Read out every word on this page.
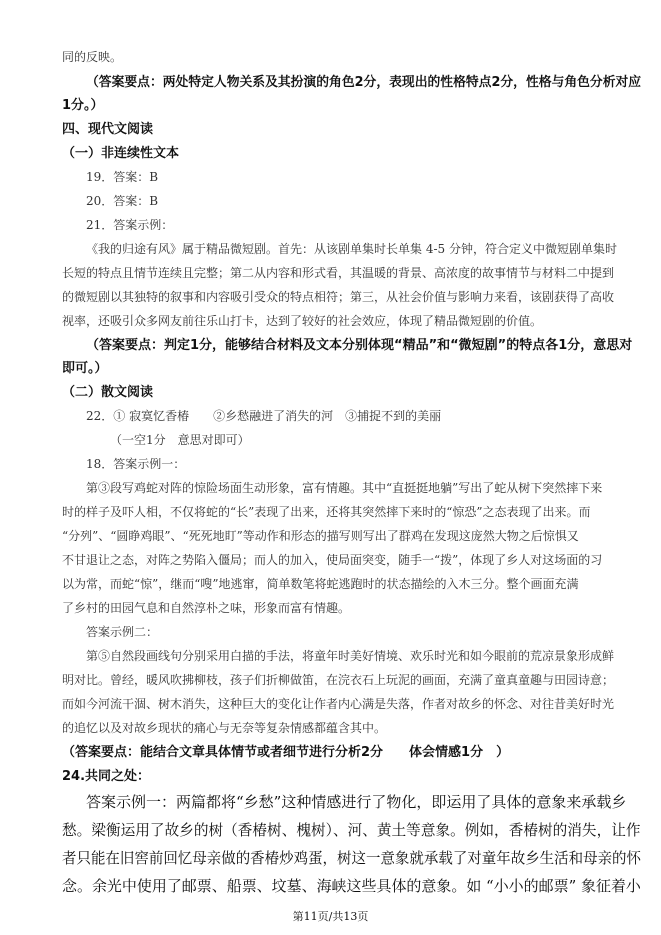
同的反映。
（答案要点：两处特定人物关系及其扮演的角色2分，表现出的性格特点2分，性格与角色分析对应
1分。）
四、现代文阅读
（一）非连续性文本
19．答案：B
20．答案：B
21．答案示例：
《我的归途有风》属于精品微短剧。首先：从该剧单集时长单集 4-5 分钟，符合定义中微短剧单集时
长短的特点且情节连续且完整；第二从内容和形式看，其温暖的背景、高浓度的故事情节与材料二中提到
的微短剧以其独特的叙事和内容吸引受众的特点相符；第三，从社会价值与影响力来看，该剧获得了高收
视率，还吸引众多网友前往乐山打卡，达到了较好的社会效应，体现了精品微短剧的价值。
（答案要点：判定1分，能够结合材料及文本分别体现“精品”和“微短剧”的特点各1分，意思对
即可。）
（二）散文阅读
22．① 寂寞忆香椿　　②乡愁融进了消失的河　③捕捉不到的美丽
（一空1分　意思对即可）
18．答案示例一：
第③段写鸡蛇对阵的惊险场面生动形象，富有情趣。其中“直挺挺地躺”写出了蛇从树下突然摔下来
时的样子及吓人相，不仅将蛇的“长”表现了出来，还将其突然摔下来时的“惊恐”之态表现了出来。而
“分列”、“圆睁鸡眼”、“死死地盯”等动作和形态的描写则写出了群鸡在发现这庞然大物之后惊惧又
不甘退让之态，对阵之势陷入僵局；而人的加入，使局面突变，随手一“拨”，体现了乡人对这场面的习
以为常，而蛇“惊”，继而“嗖”地逃窜，简单数笔将蛇逃跑时的状态描绘的入木三分。整个画面充满
了乡村的田园气息和自然淳朴之味，形象而富有情趣。
答案示例二：
第⑤自然段画线句分别采用白描的手法，将童年时美好情境、欢乐时光和如今眼前的荒凉景象形成鲜
明对比。曾经，暖风吹拂柳枝，孩子们折柳做笛，在浣衣石上玩泥的画面，充满了童真童趣与田园诗意；
而如今河流干涸、树木消失，这种巨大的变化让作者内心满是失落，作者对故乡的怀念、对往昔美好时光
的追忆以及对故乡现状的痛心与无奈等复杂情感都蕴含其中。
（答案要点：能结合文章具体情节或者细节进行分析2分　　体会情感1分　）
24.共同之处：
答案示例一：两篇都将“乡愁”这种情感进行了物化，即运用了具体的意象来承载乡
愁。梁衡运用了故乡的树（香椿树、槐树）、河、黄土等意象。例如，香椿树的消失，让作
者只能在旧窖前回忆母亲做的香椿炒鸡蛋，树这一意象就承载了对童年故乡生活和母亲的怀
念。余光中使用了邮票、船票、坟墓、海峡这些具体的意象。如 “小小的邮票” 象征着小
第11页/共13页
